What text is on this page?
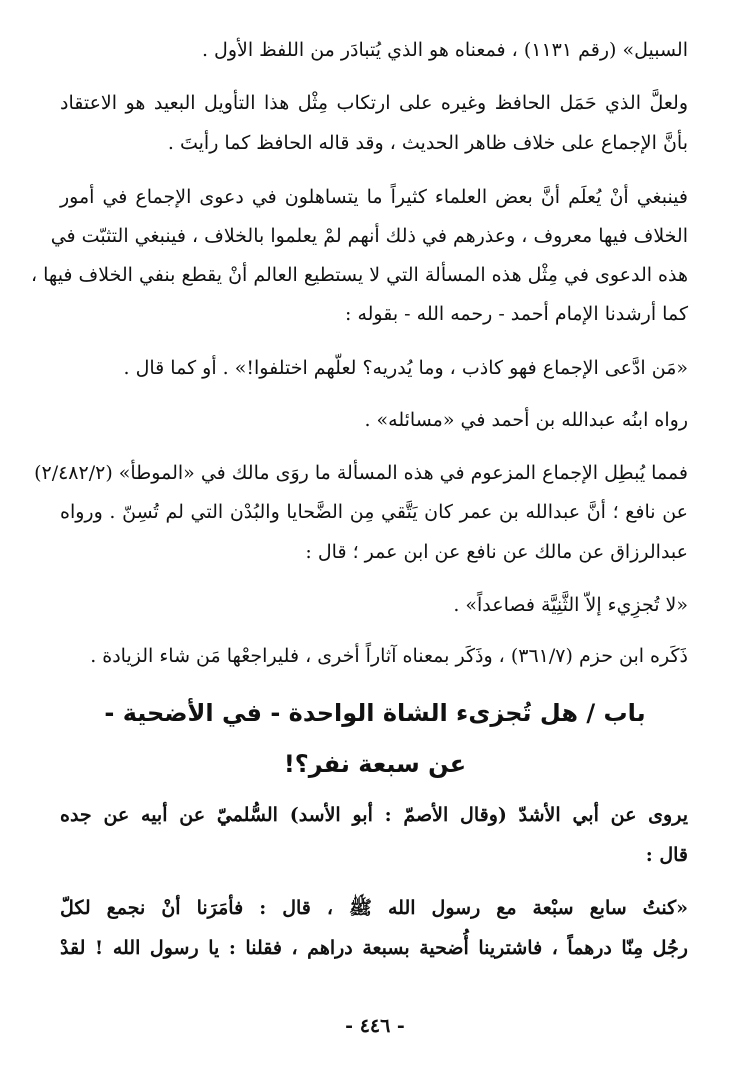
السبيل» (رقم ١١٣١) ، فمعناه هو الذي يُتبادَر من اللفظ الأول .
ولعلَّ الذي حَمَل الحافظ وغيره على ارتكاب مِثْل هذا التأويل البعيد هو الاعتقاد
بأنَّ الإجماع على خلاف ظاهر الحديث ، وقد قاله الحافظ كما رأيتَ .
فينبغي أنْ يُعلَم أنَّ بعض العلماء كثيراً ما يتساهلون في دعوى الإجماع في أمور
الخلاف فيها معروف ، وعذرهم في ذلك أنهم لمْ يعلموا بالخلاف ، فينبغي التثبّت في
هذه الدعوى في مِثْل هذه المسألة التي لا يستطيع العالم أنْ يقطع بنفي الخلاف فيها ،
كما أرشدنا الإمام أحمد - رحمه الله - بقوله :
«مَن ادَّعى الإجماع فهو كاذب ، وما يُدريه؟ لعلّهم اختلفوا!» . أو كما قال .
رواه ابنُه عبدالله بن أحمد في «مسائله» .
فمما يُبطِل الإجماع المزعوم في هذه المسألة ما روَى مالك في «الموطأ» (٢/٤٨٢/٢)
عن نافع ؛ أنَّ عبدالله بن عمر كان يَتَّقي مِن الضَّحايا والبُدْن التي لم تُسِنّ . ورواه
عبدالرزاق عن مالك عن نافع عن ابن عمر ؛ قال :
«لا تُجزِيء إلاّ الثَّنِيَّة فصاعداً» .
ذَكَره ابن حزم (٣٦١/٧) ، وذَكَر بمعناه آثاراً أخرى ، فليراجعْها مَن شاء الزيادة .
باب / هل تُجزىء الشاة الواحدة - في الأضحية -
عن سبعة نفر؟!
يروى عن أبي الأشدّ (وقال الأصمّ : أبو الأسد) السُّلميّ عن أبيه عن جده
قال :
«كنتُ سابع سبْعة مع رسول الله ﷺ ، قال : فأمَرَنا أنْ نجمع لكلّ
رجُل مِنّا درهماً ، فاشترينا أُضحية بسبعة دراهم ، فقلنا : يا رسول الله ! لقدْ
- ٤٤٦ -
